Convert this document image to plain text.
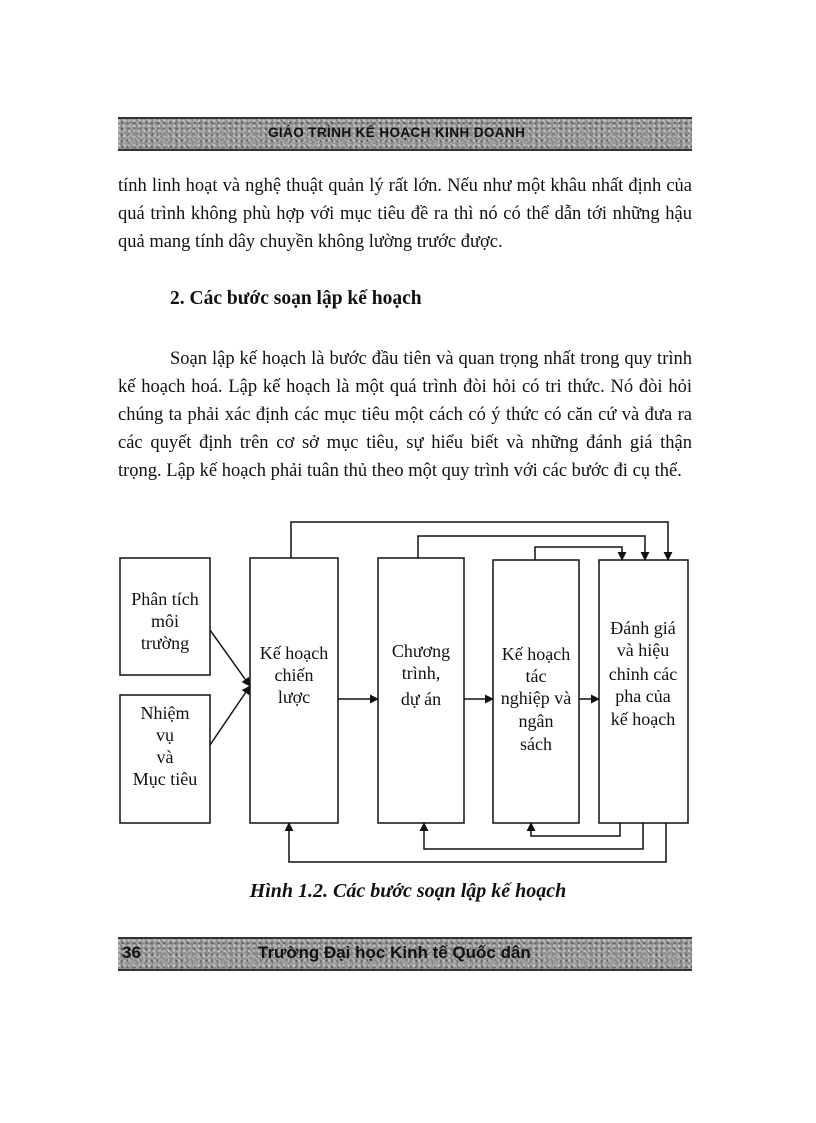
GIÁO TRÌNH KẾ HOẠCH KINH DOANH

tính linh hoạt và nghệ thuật quản lý rất lớn. Nếu như một khâu nhất định của quá trình không phù hợp với mục tiêu đề ra thì nó có thể dẫn tới những hậu quả mang tính dây chuyền không lường trước được.

2. Các bước soạn lập kế hoạch

Soạn lập kế hoạch là bước đầu tiên và quan trọng nhất trong quy trình kế hoạch hoá. Lập kế hoạch là một quá trình đòi hỏi có tri thức. Nó đòi hỏi chúng ta phải xác định các mục tiêu một cách có ý thức có căn cứ và đưa ra các quyết định trên cơ sở mục tiêu, sự hiểu biết và những đánh giá thận trọng. Lập kế hoạch phải tuân thủ theo một quy trình với các bước đi cụ thể.

Phân tích
môi
trường
Nhiệm
vụ
và
Mục tiêu
Kế hoạch
chiến
lược
Chương
trình,
dự án
Kế hoạch
tác
nghiệp và
ngân
sách
Đánh giá
và hiệu
chỉnh các
pha của
kế hoạch
Hình 1.2. Các bước soạn lập kế hoạch
36	Trường Đại học Kinh tế Quốc dân
